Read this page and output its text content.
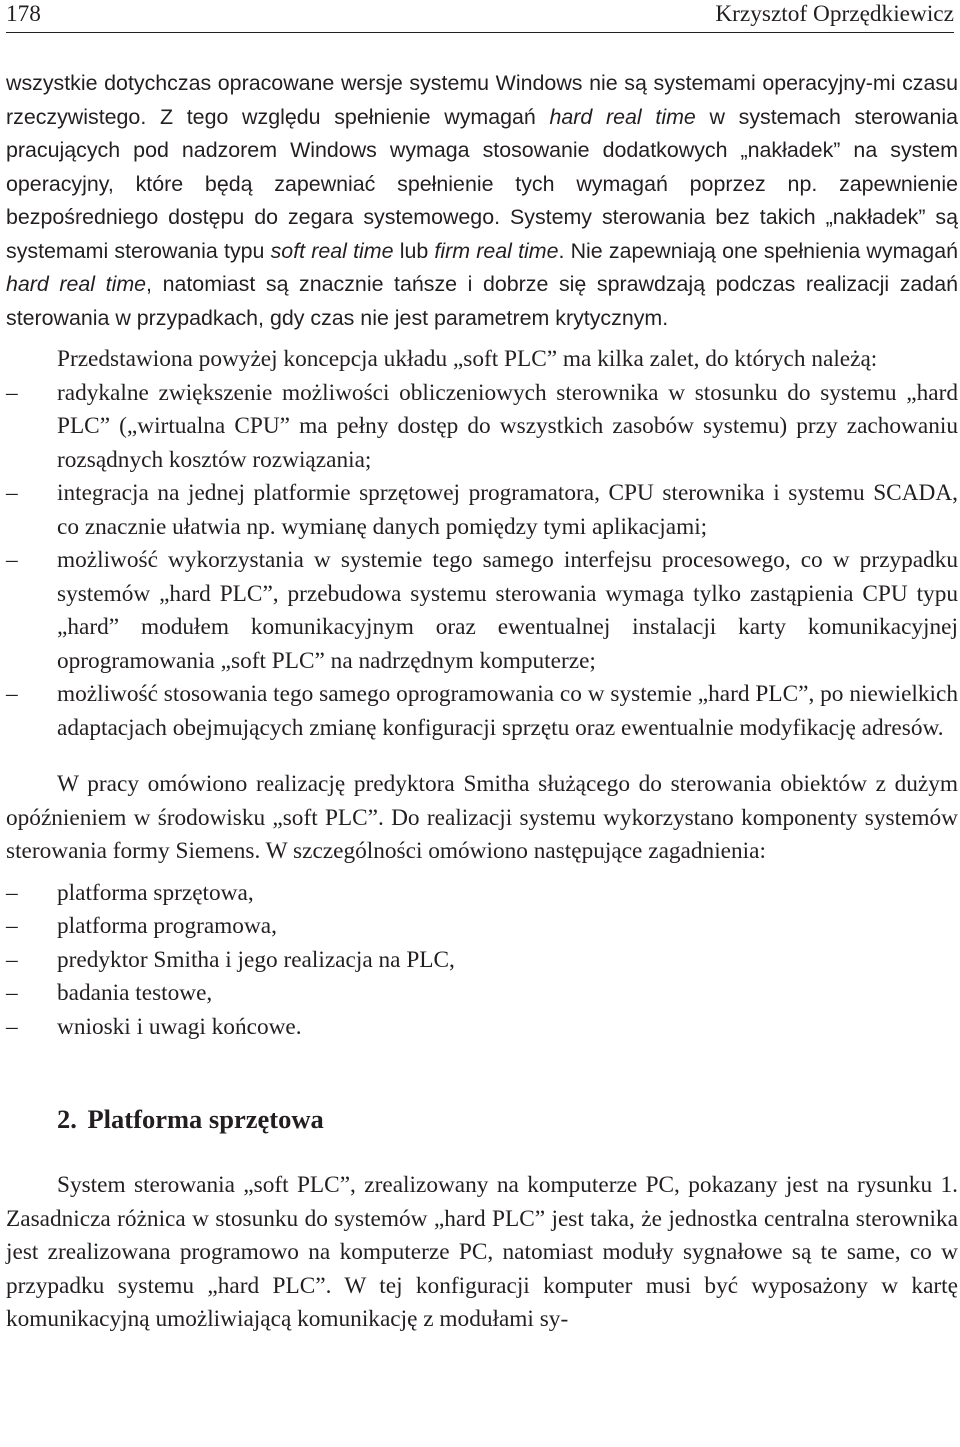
178	Krzysztof Oprzędkiewicz

wszystkie dotychczas opracowane wersje systemu Windows nie są systemami operacyjny-mi czasu rzeczywistego. Z tego względu spełnienie wymagań hard real time w systemach sterowania pracujących pod nadzorem Windows wymaga stosowanie dodatkowych „nakładek” na system operacyjny, które będą zapewniać spełnienie tych wymagań poprzez np. zapewnienie bezpośredniego dostępu do zegara systemowego. Systemy sterowania bez takich „nakładek” są systemami sterowania typu soft real time lub firm real time. Nie zapewniają one spełnienia wymagań hard real time, natomiast są znacznie tańsze i dobrze się sprawdzają podczas realizacji zadań sterowania w przypadkach, gdy czas nie jest parametrem krytycznym.

Przedstawiona powyżej koncepcja układu „soft PLC” ma kilka zalet, do których należą:

–	radykalne zwiększenie możliwości obliczeniowych sterownika w stosunku do systemu „hard PLC” („wirtualna CPU” ma pełny dostęp do wszystkich zasobów systemu) przy zachowaniu rozsądnych kosztów rozwiązania;
–	integracja na jednej platformie sprzętowej programatora, CPU sterownika i systemu SCADA, co znacznie ułatwia np. wymianę danych pomiędzy tymi aplikacjami;
–	możliwość wykorzystania w systemie tego samego interfejsu procesowego, co w przypadku systemów „hard PLC”, przebudowa systemu sterowania wymaga tylko zastąpienia CPU typu „hard” modułem komunikacyjnym oraz ewentualnej instalacji karty komunikacyjnej oprogramowania „soft PLC” na nadrzędnym komputerze;
–	możliwość stosowania tego samego oprogramowania co w systemie „hard PLC”, po niewielkich adaptacjach obejmujących zmianę konfiguracji sprzętu oraz ewentualnie modyfikację adresów.

W pracy omówiono realizację predyktora Smitha służącego do sterowania obiektów z dużym opóźnieniem w środowisku „soft PLC”. Do realizacji systemu wykorzystano komponenty systemów sterowania formy Siemens. W szczególności omówiono następujące zagadnienia:

–	platforma sprzętowa,
–	platforma programowa,
–	predyktor Smitha i jego realizacja na PLC,
–	badania testowe,
–	wnioski i uwagi końcowe.
2. Platforma sprzętowa

System sterowania „soft PLC”, zrealizowany na komputerze PC, pokazany jest na rysunku 1. Zasadnicza różnica w stosunku do systemów „hard PLC” jest taka, że jednostka centralna sterownika jest zrealizowana programowo na komputerze PC, natomiast moduły sygnałowe są te same, co w przypadku systemu „hard PLC”. W tej konfiguracji komputer musi być wyposażony w kartę komunikacyjną umożliwiającą komunikację z modułami sy-
